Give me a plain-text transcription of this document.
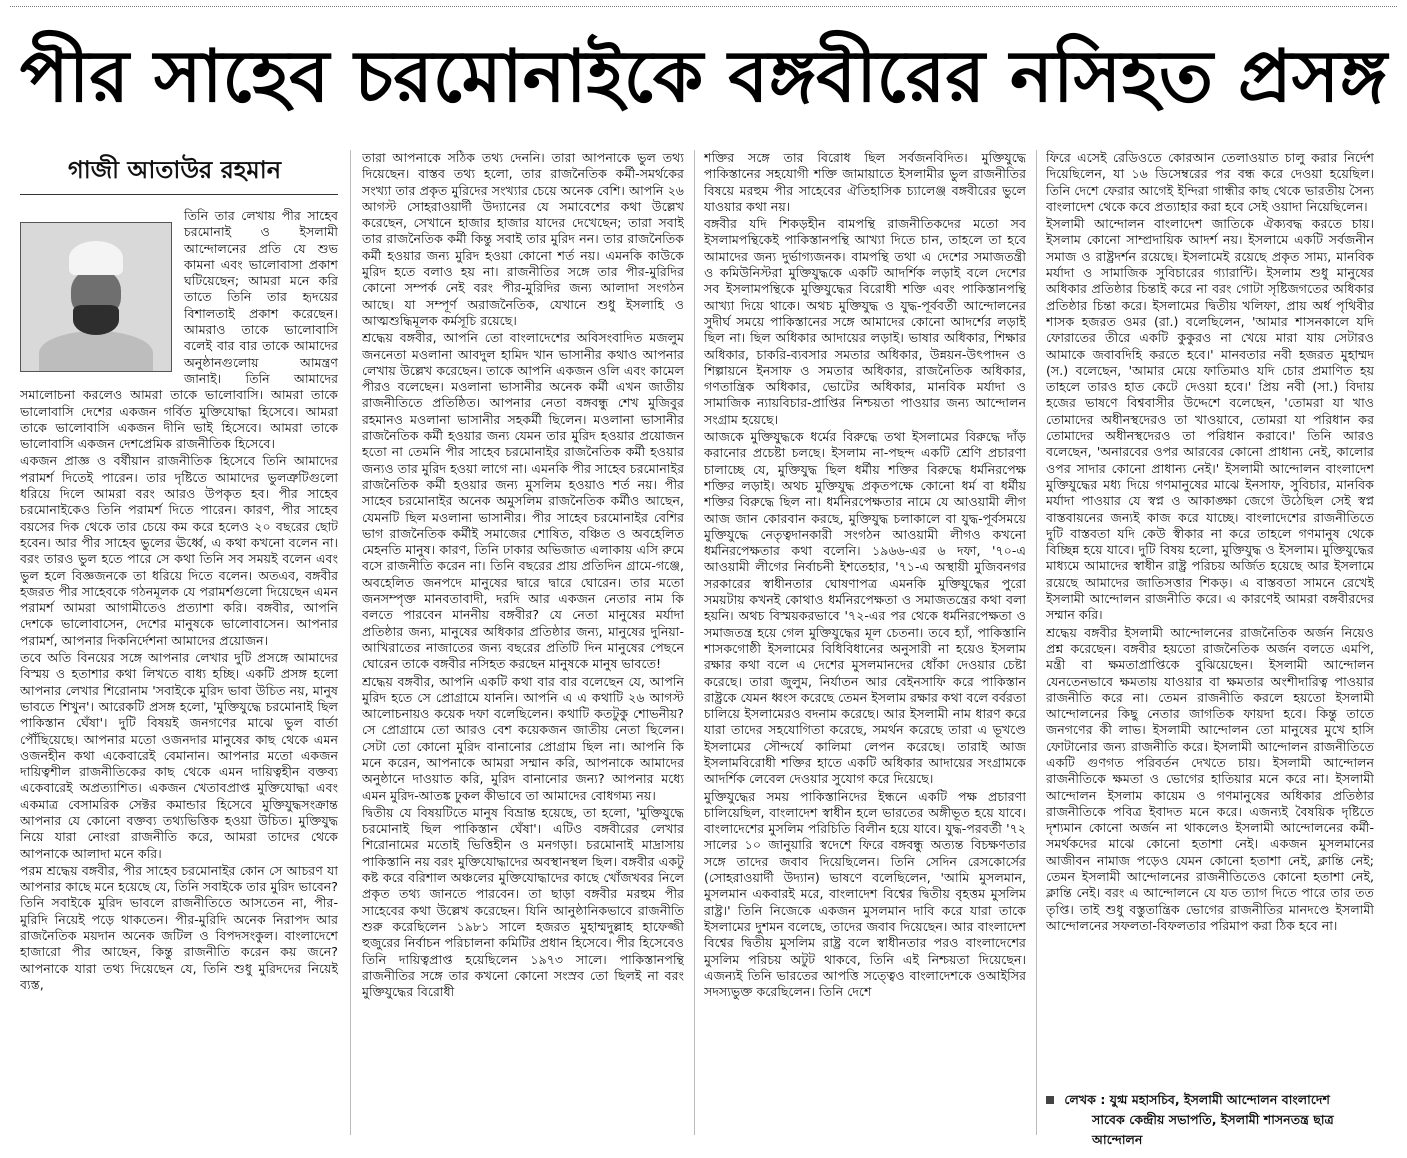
পীর সাহেব চরমোনাইকে বঙ্গবীরের নসিহত প্রসঙ্গ
গাজী আতাউর রহমান

তিনি তার লেখায় পীর সাহেব চরমোনাই ও ইসলামী আন্দোলনের প্রতি যে শুভ কামনা এবং ভালোবাসা প্রকাশ ঘটিয়েছেন; আমরা মনে করি তাতে তিনি তার হৃদয়ের বিশালতাই প্রকাশ করেছেন। আমরাও তাকে ভালোবাসি বলেই বার বার তাকে আমাদের অনুষ্ঠানগুলোয় আমন্ত্রণ জানাই। তিনি আমাদের সমালোচনা করলেও আমরা তাকে ভালোবাসি। আমরা তাকে ভালোবাসি দেশের একজন গর্বিত মুক্তিযোদ্ধা হিসেবে। আমরা তাকে ভালোবাসি একজন দীনি ভাই হিসেবে। আমরা তাকে ভালোবাসি একজন দেশপ্রেমিক রাজনীতিক হিসেবে।

একজন প্রাজ্ঞ ও বর্ষীয়ান রাজনীতিক হিসেবে তিনি আমাদের পরামর্শ দিতেই পারেন। তার দৃষ্টিতে আমাদের ভুলত্রুটিগুলো ধরিয়ে দিলে আমরা বরং আরও উপকৃত হব। পীর সাহেব চরমোনাইকেও তিনি পরামর্শ দিতে পারেন। কারণ, পীর সাহেব বয়সের দিক থেকে তার চেয়ে কম করে হলেও ২০ বছরের ছোট হবেন। আর পীর সাহেব ভুলের ঊর্ধ্বে, এ কথা কখনো বলেন না। বরং তারও ভুল হতে পারে সে কথা তিনি সব সময়ই বলেন এবং ভুল হলে বিজ্ঞজনকে তা ধরিয়ে দিতে বলেন। অতএব, বঙ্গবীর হজরত পীর সাহেবকে গঠনমূলক যে পরামর্শগুলো দিয়েছেন এমন পরামর্শ আমরা আগামীতেও প্রত্যাশা করি। বঙ্গবীর, আপনি দেশকে ভালোবাসেন, দেশের মানুষকে ভালোবাসেন। আপনার পরামর্শ, আপনার দিকনির্দেশনা আমাদের প্রয়োজন।

তবে অতি বিনয়ের সঙ্গে আপনার লেখার দুটি প্রসঙ্গে আমাদের বিস্ময় ও হতাশার কথা লিখতে বাধ্য হচ্ছি। একটি প্রসঙ্গ হলো আপনার লেখার শিরোনাম 'সবাইকে মুরিদ ভাবা উচিত নয়, মানুষ ভাবতে শিখুন'। আরেকটি প্রসঙ্গ হলো, 'মুক্তিযুদ্ধে চরমোনাই ছিল পাকিস্তান ঘেঁষা'। দুটি বিষয়ই জনগণের মাঝে ভুল বার্তা পৌঁছিয়েছে। আপনার মতো ওজনদার মানুষের কাছ থেকে এমন ওজনহীন কথা একেবারেই বেমানান। আপনার মতো একজন দায়িত্বশীল রাজনীতিকের কাছ থেকে এমন দায়িত্বহীন বক্তব্য একেবারেই অপ্রত্যাশিত। একজন খেতাবপ্রাপ্ত মুক্তিযোদ্ধা এবং একমাত্র বেসামরিক সেক্টর কমান্ডার হিসেবে মুক্তিযুদ্ধসংক্রান্ত আপনার যে কোনো বক্তব্য তথ্যভিত্তিক হওয়া উচিত। মুক্তিযুদ্ধ নিয়ে যারা নোংরা রাজনীতি করে, আমরা তাদের থেকে আপনাকে আলাদা মনে করি।

পরম শ্রদ্ধেয় বঙ্গবীর, পীর সাহেব চরমোনাইর কোন সে আচরণ যা আপনার কাছে মনে হয়েছে যে, তিনি সবাইকে তার মুরিদ ভাবেন? তিনি সবাইকে মুরিদ ভাবলে রাজনীতিতে আসতেন না, পীর-মুরিদি নিয়েই পড়ে থাকতেন। পীর-মুরিদি অনেক নিরাপদ আর রাজনৈতিক ময়দান অনেক জটিল ও বিপদসংকুল। বাংলাদেশে হাজারো পীর আছেন, কিন্তু রাজনীতি করেন কয় জনে? আপনাকে যারা তথ্য দিয়েছেন যে, তিনি শুধু মুরিদদের নিয়েই ব্যস্ত,

তারা আপনাকে সঠিক তথ্য দেননি। তারা আপনাকে ভুল তথ্য দিয়েছেন। বাস্তব তথ্য হলো, তার রাজনৈতিক কর্মী-সমর্থকের সংখ্যা তার প্রকৃত মুরিদের সংখ্যার চেয়ে অনেক বেশি। আপনি ২৬ আগস্ট সোহরাওয়ার্দী উদ্যানের যে সমাবেশের কথা উল্লেখ করেছেন, সেখানে হাজার হাজার যাদের দেখেছেন; তারা সবাই তার রাজনৈতিক কর্মী কিন্তু সবাই তার মুরিদ নন। তার রাজনৈতিক কর্মী হওয়ার জন্য মুরিদ হওয়া কোনো শর্ত নয়। এমনকি কাউকে মুরিদ হতে বলাও হয় না। রাজনীতির সঙ্গে তার পীর-মুরিদির কোনো সম্পর্ক নেই বরং পীর-মুরিদির জন্য আলাদা সংগঠন আছে। যা সম্পূর্ণ অরাজনৈতিক, যেখানে শুধু ইসলাহি ও আত্মশুদ্ধিমূলক কর্মসূচি রয়েছে।

শ্রদ্ধেয় বঙ্গবীর, আপনি তো বাংলাদেশের অবিসংবাদিত মজলুম জননেতা মওলানা আবদুল হামিদ খান ভাসানীর কথাও আপনার লেখায় উল্লেখ করেছেন। তাকে আপনি একজন ওলি এবং কামেল পীরও বলেছেন। মওলানা ভাসানীর অনেক কর্মী এখন জাতীয় রাজনীতিতে প্রতিষ্ঠিত। আপনার নেতা বঙ্গবন্ধু শেখ মুজিবুর রহমানও মওলানা ভাসানীর সহকর্মী ছিলেন। মওলানা ভাসানীর রাজনৈতিক কর্মী হওয়ার জন্য যেমন তার মুরিদ হওয়ার প্রয়োজন হতো না তেমনি পীর সাহেব চরমোনাইর রাজনৈতিক কর্মী হওয়ার জন্যও তার মুরিদ হওয়া লাগে না। এমনকি পীর সাহেব চরমোনাইর রাজনৈতিক কর্মী হওয়ার জন্য মুসলিম হওয়াও শর্ত নয়। পীর সাহেব চরমোনাইর অনেক অমুসলিম রাজনৈতিক কর্মীও আছেন, যেমনটি ছিল মওলানা ভাসানীর। পীর সাহেব চরমোনাইর বেশির ভাগ রাজনৈতিক কর্মীই সমাজের শোষিত, বঞ্চিত ও অবহেলিত মেহনতি মানুষ। কারণ, তিনি ঢাকার অভিজাত এলাকায় এসি রুমে বসে রাজনীতি করেন না। তিনি বছরের প্রায় প্রতিদিন গ্রামে-গঞ্জে, অবহেলিত জনপদে মানুষের দ্বারে দ্বারে ঘোরেন। তার মতো জনসম্পৃক্ত মানবতাবাদী, দরদি আর একজন নেতার নাম কি বলতে পারবেন মাননীয় বঙ্গবীর? যে নেতা মানুষের মর্যাদা প্রতিষ্ঠার জন্য, মানুষের অধিকার প্রতিষ্ঠার জন্য, মানুষের দুনিয়া-আখিরাতের নাজাতের জন্য বছরের প্রতিটি দিন মানুষের পেছনে ঘোরেন তাকে বঙ্গবীর নসিহত করছেন মানুষকে মানুষ ভাবতে!

শ্রদ্ধেয় বঙ্গবীর, আপনি একটি কথা বার বার বলেছেন যে, আপনি মুরিদ হতে সে প্রোগ্রামে যাননি। আপনি এ এ কথাটি ২৬ আগস্ট আলোচনায়ও কয়েক দফা বলেছিলেন। কথাটি কতটুকু শোভনীয়? সে প্রোগ্রামে তো আরও বেশ কয়েকজন জাতীয় নেতা ছিলেন। সেটা তো কোনো মুরিদ বানানোর প্রোগ্রাম ছিল না। আপনি কি মনে করেন, আপনাকে আমরা সম্মান করি, আপনাকে আমাদের অনুষ্ঠানে দাওয়াত করি, মুরিদ বানানোর জন্য? আপনার মধ্যে এমন মুরিদ-আতঙ্ক ঢুকল কীভাবে তা আমাদের বোধগম্য নয়।

দ্বিতীয় যে বিষয়টিতে মানুষ বিভ্রান্ত হয়েছে, তা হলো, 'মুক্তিযুদ্ধে চরমোনাই ছিল পাকিস্তান ঘেঁষা'। এটিও বঙ্গবীরের লেখার শিরোনামের মতোই ভিত্তিহীন ও মনগড়া। চরমোনাই মাদ্রাসায় পাকিস্তানি নয় বরং মুক্তিযোদ্ধাদের অবস্থানস্থল ছিল। বঙ্গবীর একটু কষ্ট করে বরিশাল অঞ্চলের মুক্তিযোদ্ধাদের কাছে খোঁজখবর নিলে প্রকৃত তথ্য জানতে পারবেন। তা ছাড়া বঙ্গবীর মরহুম পীর সাহেবের কথা উল্লেখ করেছেন। যিনি আনুষ্ঠানিকভাবে রাজনীতি শুরু করেছিলেন ১৯৮১ সালে হজরত মুহাম্মদুল্লাহ হাফেজ্জী হুজুরের নির্বাচন পরিচালনা কমিটির প্রধান হিসেবে। পীর হিসেবেও তিনি দায়িত্বপ্রাপ্ত হয়েছিলেন ১৯৭৩ সালে। পাকিস্তানপন্থি রাজনীতির সঙ্গে তার কখনো কোনো সংস্রব তো ছিলই না বরং মুক্তিযুদ্ধের বিরোধী

শক্তির সঙ্গে তার বিরোধ ছিল সর্বজনবিদিত। মুক্তিযুদ্ধে পাকিস্তানের সহযোগী শক্তি জামায়াতে ইসলামীর ভুল রাজনীতির বিষয়ে মরহুম পীর সাহেবের ঐতিহাসিক চ্যালেঞ্জ বঙ্গবীরের ভুলে যাওয়ার কথা নয়।

বঙ্গবীর যদি শিকড়হীন বামপন্থি রাজনীতিকদের মতো সব ইসলামপন্থিকেই পাকিস্তানপন্থি আখ্যা দিতে চান, তাহলে তা হবে আমাদের জন্য দুর্ভাগ্যজনক। বামপন্থি তথা এ দেশের সমাজতন্ত্রী ও কমিউনিস্টরা মুক্তিযুদ্ধকে একটি আদর্শিক লড়াই বলে দেশের সব ইসলামপন্থিকে মুক্তিযুদ্ধের বিরোধী শক্তি এবং পাকিস্তানপন্থি আখ্যা দিয়ে থাকে। অথচ মুক্তিযুদ্ধ ও যুদ্ধ-পূর্ববর্তী আন্দোলনের সুদীর্ঘ সময়ে পাকিস্তানের সঙ্গে আমাদের কোনো আদর্শের লড়াই ছিল না। ছিল অধিকার আদায়ের লড়াই। ভাষার অধিকার, শিক্ষার অধিকার, চাকরি-ব্যবসার সমতার অধিকার, উন্নয়ন-উৎপাদন ও শিল্পায়নে ইনসাফ ও সমতার অধিকার, রাজনৈতিক অধিকার, গণতান্ত্রিক অধিকার, ভোটের অধিকার, মানবিক মর্যাদা ও সামাজিক ন্যায়বিচার-প্রাপ্তির নিশ্চয়তা পাওয়ার জন্য আন্দোলন সংগ্রাম হয়েছে।

আজকে মুক্তিযুদ্ধকে ধর্মের বিরুদ্ধে তথা ইসলামের বিরুদ্ধে দাঁড় করানোর প্রচেষ্টা চলছে। ইসলাম না-পছন্দ একটি শ্রেণি প্রচারণা চালাচ্ছে যে, মুক্তিযুদ্ধ ছিল ধর্মীয় শক্তির বিরুদ্ধে ধর্মনিরপেক্ষ শক্তির লড়াই। অথচ মুক্তিযুদ্ধ প্রকৃতপক্ষে কোনো ধর্ম বা ধর্মীয় শক্তির বিরুদ্ধে ছিল না। ধর্মনিরপেক্ষতার নামে যে আওয়ামী লীগ আজ জান কোরবান করছে, মুক্তিযুদ্ধ চলাকালে বা যুদ্ধ-পূর্বসময়ে মুক্তিযুদ্ধে নেতৃত্বদানকারী সংগঠন আওয়ামী লীগও কখনো ধর্মনিরপেক্ষতার কথা বলেনি। ১৯৬৬-এর ৬ দফা, '৭০-এ আওয়ামী লীগের নির্বাচনী ইশতেহার, '৭১-এ অস্থায়ী মুজিবনগর সরকারের স্বাধীনতার ঘোষণাপত্র এমনকি মুক্তিযুদ্ধের পুরো সময়টায় কখনই কোথাও ধর্মনিরপেক্ষতা ও সমাজতন্ত্রের কথা বলা হয়নি। অথচ বিস্ময়করভাবে '৭২-এর পর থেকে ধর্মনিরপেক্ষতা ও সমাজতন্ত্র হয়ে গেল মুক্তিযুদ্ধের মূল চেতনা। তবে হ্যাঁ, পাকিস্তানি শাসকগোষ্ঠী ইসলামের বিধিবিধানের অনুসারী না হয়েও ইসলাম রক্ষার কথা বলে এ দেশের মুসলমানদের ধোঁকা দেওয়ার চেষ্টা করেছে। তারা জুলুম, নির্যাতন আর বেইনসাফি করে পাকিস্তান রাষ্ট্রকে যেমন ধ্বংস করেছে তেমন ইসলাম রক্ষার কথা বলে বর্বরতা চালিয়ে ইসলামেরও বদনাম করেছে। আর ইসলামী নাম ধারণ করে যারা তাদের সহযোগিতা করেছে, সমর্থন করেছে তারা এ ভূখণ্ডে ইসলামের সৌন্দর্যে কালিমা লেপন করেছে। তারাই আজ ইসলামবিরোধী শক্তির হাতে একটি অধিকার আদায়ের সংগ্রামকে আদর্শিক লেবেল দেওয়ার সুযোগ করে দিয়েছে।

মুক্তিযুদ্ধের সময় পাকিস্তানিদের ইন্ধনে একটি পক্ষ প্রচারণা চালিয়েছিল, বাংলাদেশ স্বাধীন হলে ভারতের অঙ্গীভূত হয়ে যাবে। বাংলাদেশের মুসলিম পরিচিতি বিলীন হয়ে যাবে। যুদ্ধ-পরবর্তী '৭২ সালের ১০ জানুয়ারি স্বদেশে ফিরে বঙ্গবন্ধু অত্যন্ত বিচক্ষণতার সঙ্গে তাদের জবাব দিয়েছিলেন। তিনি সেদিন রেসকোর্সের (সোহরাওয়ার্দী উদ্যান) ভাষণে বলেছিলেন, 'আমি মুসলমান, মুসলমান একবারই মরে, বাংলাদেশ বিশ্বের দ্বিতীয় বৃহত্তম মুসলিম রাষ্ট্র।' তিনি নিজেকে একজন মুসলমান দাবি করে যারা তাকে ইসলামের দুশমন বলেছে, তাদের জবাব দিয়েছেন। আর বাংলাদেশ বিশ্বের দ্বিতীয় মুসলিম রাষ্ট্র বলে স্বাধীনতার পরও বাংলাদেশের মুসলিম পরিচয় অটুট থাকবে, তিনি এই নিশ্চয়তা দিয়েছেন। এজন্যই তিনি ভারতের আপত্তি সত্ত্বেও বাংলাদেশকে ওআইসির সদস্যভুক্ত করেছিলেন। তিনি দেশে

ফিরে এসেই রেডিওতে কোরআন তেলাওয়াত চালু করার নির্দেশ দিয়েছিলেন, যা ১৬ ডিসেম্বরের পর বন্ধ করে দেওয়া হয়েছিল। তিনি দেশে ফেরার আগেই ইন্দিরা গান্ধীর কাছ থেকে ভারতীয় সৈন্য বাংলাদেশ থেকে কবে প্রত্যাহার করা হবে সেই ওয়াদা নিয়েছিলেন।

ইসলামী আন্দোলন বাংলাদেশ জাতিকে ঐক্যবদ্ধ করতে চায়। ইসলাম কোনো সাম্প্রদায়িক আদর্শ নয়। ইসলামে একটি সর্বজনীন সমাজ ও রাষ্ট্রদর্শন রয়েছে। ইসলামেই রয়েছে প্রকৃত সাম্য, মানবিক মর্যাদা ও সামাজিক সুবিচারের গ্যারান্টি। ইসলাম শুধু মানুষের অধিকার প্রতিষ্ঠার চিন্তাই করে না বরং গোটা সৃষ্টিজগতের অধিকার প্রতিষ্ঠার চিন্তা করে। ইসলামের দ্বিতীয় খলিফা, প্রায় অর্ধ পৃথিবীর শাসক হজরত ওমর (রা.) বলেছিলেন, 'আমার শাসনকালে যদি ফোরাতের তীরে একটি কুকুরও না খেয়ে মারা যায় সেটারও আমাকে জবাবদিহি করতে হবে।' মানবতার নবী হজরত মুহাম্মদ (স.) বলেছেন, 'আমার মেয়ে ফাতিমাও যদি চোর প্রমাণিত হয় তাহলে তারও হাত কেটে দেওয়া হবে।' প্রিয় নবী (সা.) বিদায় হজের ভাষণে বিশ্ববাসীর উদ্দেশে বলেছেন, 'তোমরা যা খাও তোমাদের অধীনস্থদেরও তা খাওয়াবে, তোমরা যা পরিধান কর তোমাদের অধীনস্থদেরও তা পরিধান করাবে।' তিনি আরও বলেছেন, 'অনারবের ওপর আরবের কোনো প্রাধান্য নেই, কালোর ওপর সাদার কোনো প্রাধান্য নেই।' ইসলামী আন্দোলন বাংলাদেশ মুক্তিযুদ্ধের মধ্য দিয়ে গণমানুষের মাঝে ইনসাফ, সুবিচার, মানবিক মর্যাদা পাওয়ার যে স্বপ্ন ও আকাঙ্ক্ষা জেগে উঠেছিল সেই স্বপ্ন বাস্তবায়নের জন্যই কাজ করে যাচ্ছে। বাংলাদেশের রাজনীতিতে দুটি বাস্তবতা যদি কেউ স্বীকার না করে তাহলে গণমানুষ থেকে বিচ্ছিন্ন হয়ে যাবে। দুটি বিষয় হলো, মুক্তিযুদ্ধ ও ইসলাম। মুক্তিযুদ্ধের মাধ্যমে আমাদের স্বাধীন রাষ্ট্র পরিচয় অর্জিত হয়েছে আর ইসলামে রয়েছে আমাদের জাতিসত্তার শিকড়। এ বাস্তবতা সামনে রেখেই ইসলামী আন্দোলন রাজনীতি করে। এ কারণেই আমরা বঙ্গবীরদের সম্মান করি।

শ্রদ্ধেয় বঙ্গবীর ইসলামী আন্দোলনের রাজনৈতিক অর্জন নিয়েও প্রশ্ন করেছেন। বঙ্গবীর হয়তো রাজনৈতিক অর্জন বলতে এমপি, মন্ত্রী বা ক্ষমতাপ্রাপ্তিকে বুঝিয়েছেন। ইসলামী আন্দোলন যেনতেনভাবে ক্ষমতায় যাওয়ার বা ক্ষমতার অংশীদারিত্ব পাওয়ার রাজনীতি করে না। তেমন রাজনীতি করলে হয়তো ইসলামী আন্দোলনের কিছু নেতার জাগতিক ফায়দা হবে। কিন্তু তাতে জনগণের কী লাভ। ইসলামী আন্দোলন তো মানুষের মুখে হাসি ফোটানোর জন্য রাজনীতি করে। ইসলামী আন্দোলন রাজনীতিতে একটি গুণগত পরিবর্তন দেখতে চায়। ইসলামী আন্দোলন রাজনীতিকে ক্ষমতা ও ভোগের হাতিয়ার মনে করে না। ইসলামী আন্দোলন ইসলাম কায়েম ও গণমানুষের অধিকার প্রতিষ্ঠার রাজনীতিকে পবিত্র ইবাদত মনে করে। এজন্যই বৈষয়িক দৃষ্টিতে দৃশ্যমান কোনো অর্জন না থাকলেও ইসলামী আন্দোলনের কর্মী-সমর্থকদের মাঝে কোনো হতাশা নেই। একজন মুসলমানের আজীবন নামাজ পড়েও যেমন কোনো হতাশা নেই, ক্লান্তি নেই; তেমন ইসলামী আন্দোলনের রাজনীতিতেও কোনো হতাশা নেই, ক্লান্তি নেই। বরং এ আন্দোলনে যে যত ত্যাগ দিতে পারে তার তত তৃপ্তি। তাই শুধু বস্তুতান্ত্রিক ভোগের রাজনীতির মানদণ্ডে ইসলামী আন্দোলনের সফলতা-বিফলতার পরিমাপ করা ঠিক হবে না।

লেখক : যুগ্ম মহাসচিব, ইসলামী আন্দোলন বাংলাদেশ
সাবেক কেন্দ্রীয় সভাপতি, ইসলামী শাসনতন্ত্র ছাত্র আন্দোলন
